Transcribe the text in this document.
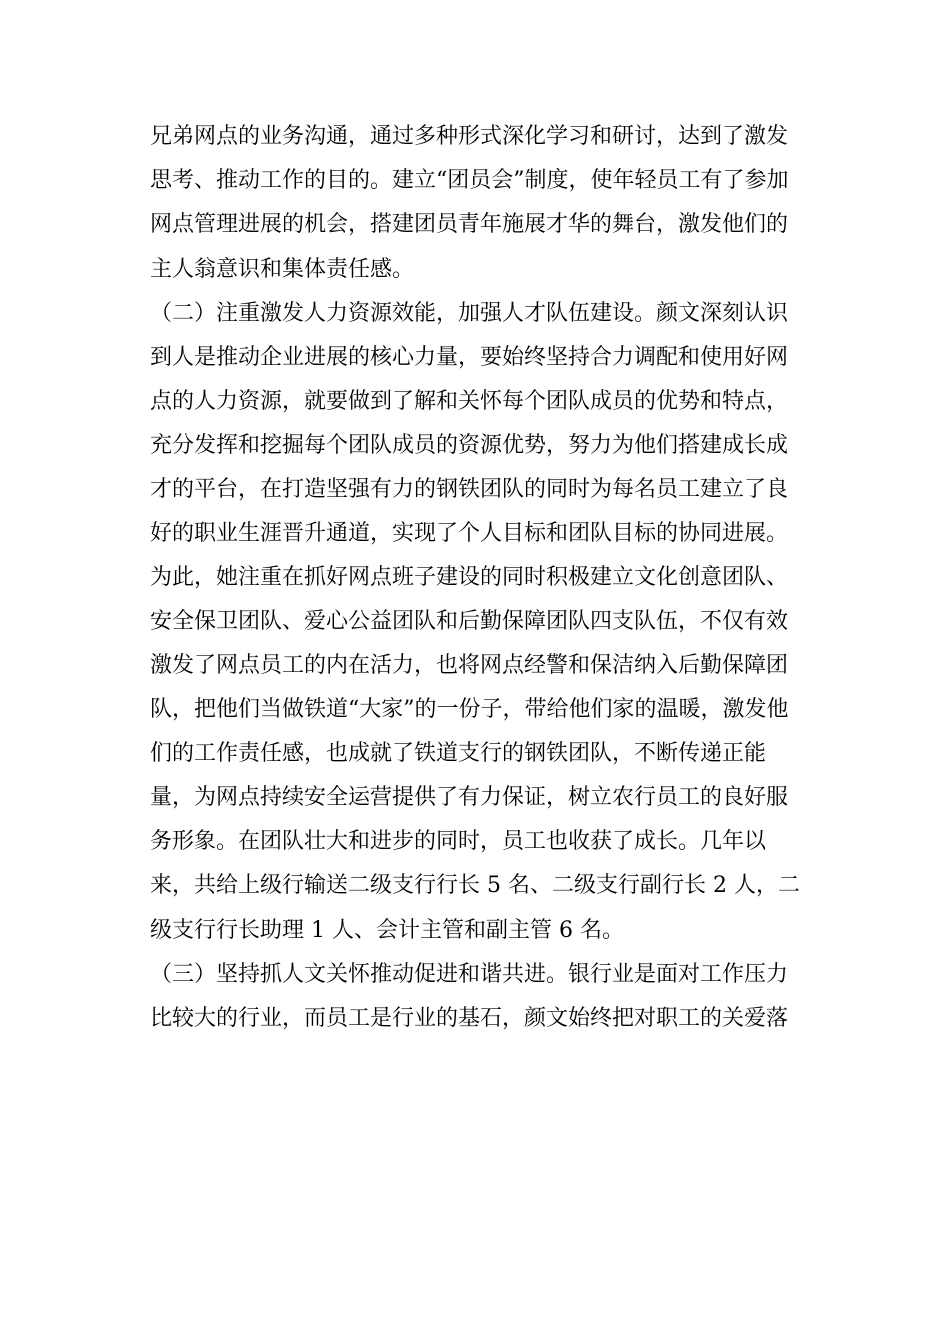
兄弟网点的业务沟通，通过多种形式深化学习和研讨，达到了激发
思考、推动工作的目的。建立“团员会”制度，使年轻员工有了参加
网点管理进展的机会，搭建团员青年施展才华的舞台，激发他们的
主人翁意识和集体责任感。
（二）注重激发人力资源效能，加强人才队伍建设。颜文深刻认识
到人是推动企业进展的核心力量，要始终坚持合力调配和使用好网
点的人力资源，就要做到了解和关怀每个团队成员的优势和特点，
充分发挥和挖掘每个团队成员的资源优势，努力为他们搭建成长成
才的平台，在打造坚强有力的钢铁团队的同时为每名员工建立了良
好的职业生涯晋升通道，实现了个人目标和团队目标的协同进展。
为此，她注重在抓好网点班子建设的同时积极建立文化创意团队、
安全保卫团队、爱心公益团队和后勤保障团队四支队伍，不仅有效
激发了网点员工的内在活力，也将网点经警和保洁纳入后勤保障团
队，把他们当做铁道“大家”的一份子，带给他们家的温暖，激发他
们的工作责任感，也成就了铁道支行的钢铁团队，不断传递正能
量，为网点持续安全运营提供了有力保证，树立农行员工的良好服
务形象。在团队壮大和进步的同时，员工也收获了成长。几年以
来，共给上级行输送二级支行行长 5 名、二级支行副行长 2 人，二
级支行行长助理 1 人、会计主管和副主管 6 名。
（三）坚持抓人文关怀推动促进和谐共进。银行业是面对工作压力
比较大的行业，而员工是行业的基石，颜文始终把对职工的关爱落
